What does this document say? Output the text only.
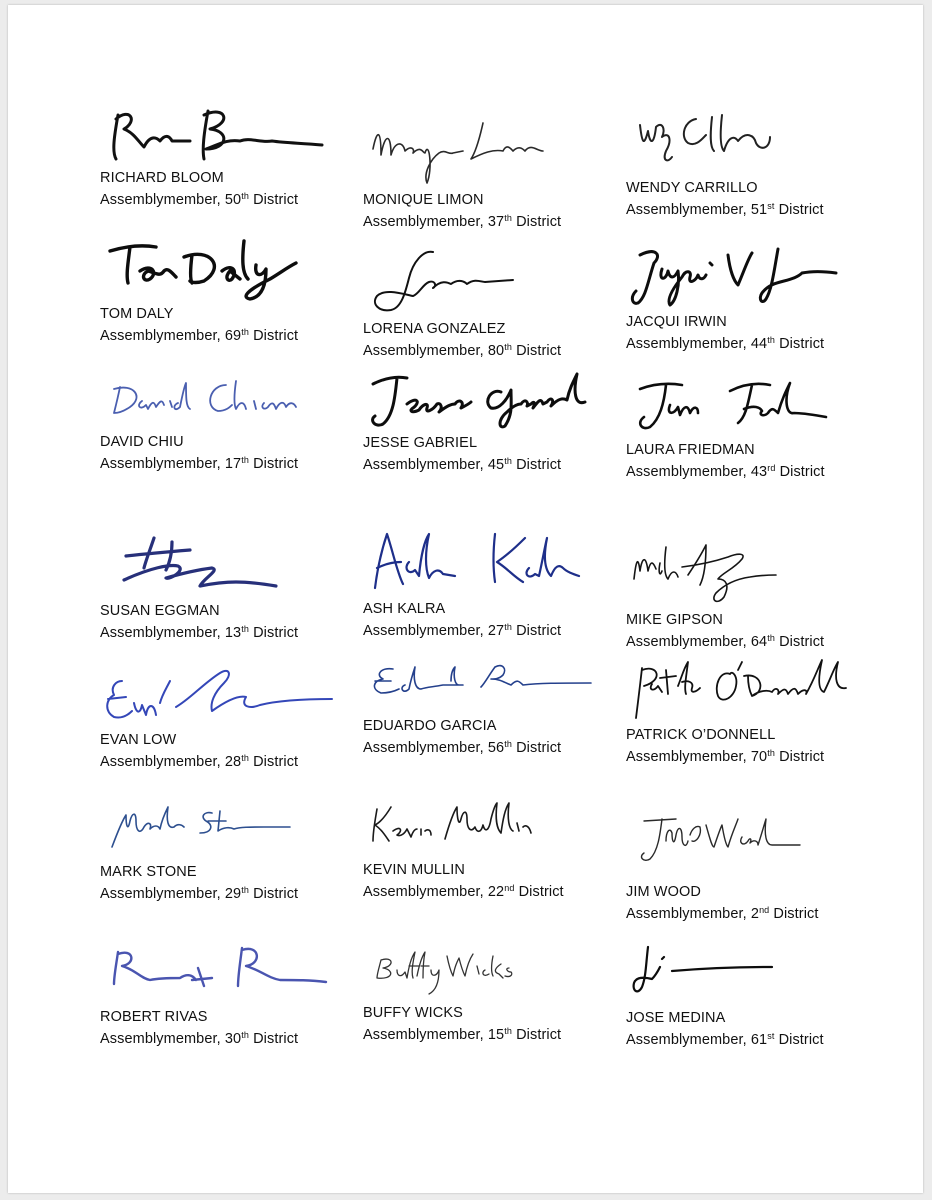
RICHARD BLOOM
Assemblymember, 50th District	MONIQUE LIMON
Assemblymember, 37th District
WENDY CARRILLO
Assemblymember, 51st District
TOM DALY
Assemblymember, 69th District	LORENA GONZALEZ
Assemblymember, 80th District
JACQUI IRWIN
Assemblymember, 44th District
DAVID CHIU
Assemblymember, 17th District
JESSE GABRIEL
Assemblymember, 45th District
LAURA FRIEDMAN
Assemblymember, 43rd District
SUSAN EGGMAN
Assemblymember, 13th District
ASH KALRA
Assemblymember, 27th District
MIKE GIPSON
Assemblymember, 64th District
EVAN LOW
Assemblymember, 28th District
EDUARDO GARCIA
Assemblymember, 56th District
PATRICK O’DONNELL
Assemblymember, 70th District
MARK STONE
Assemblymember, 29th District
KEVIN MULLIN
Assemblymember, 22nd District	JIM WOOD
Assemblymember, 2nd District
ROBERT RIVAS
Assemblymember, 30th District
BUFFY WICKS
Assemblymember, 15th District
JOSE MEDINA
Assemblymember, 61st District
